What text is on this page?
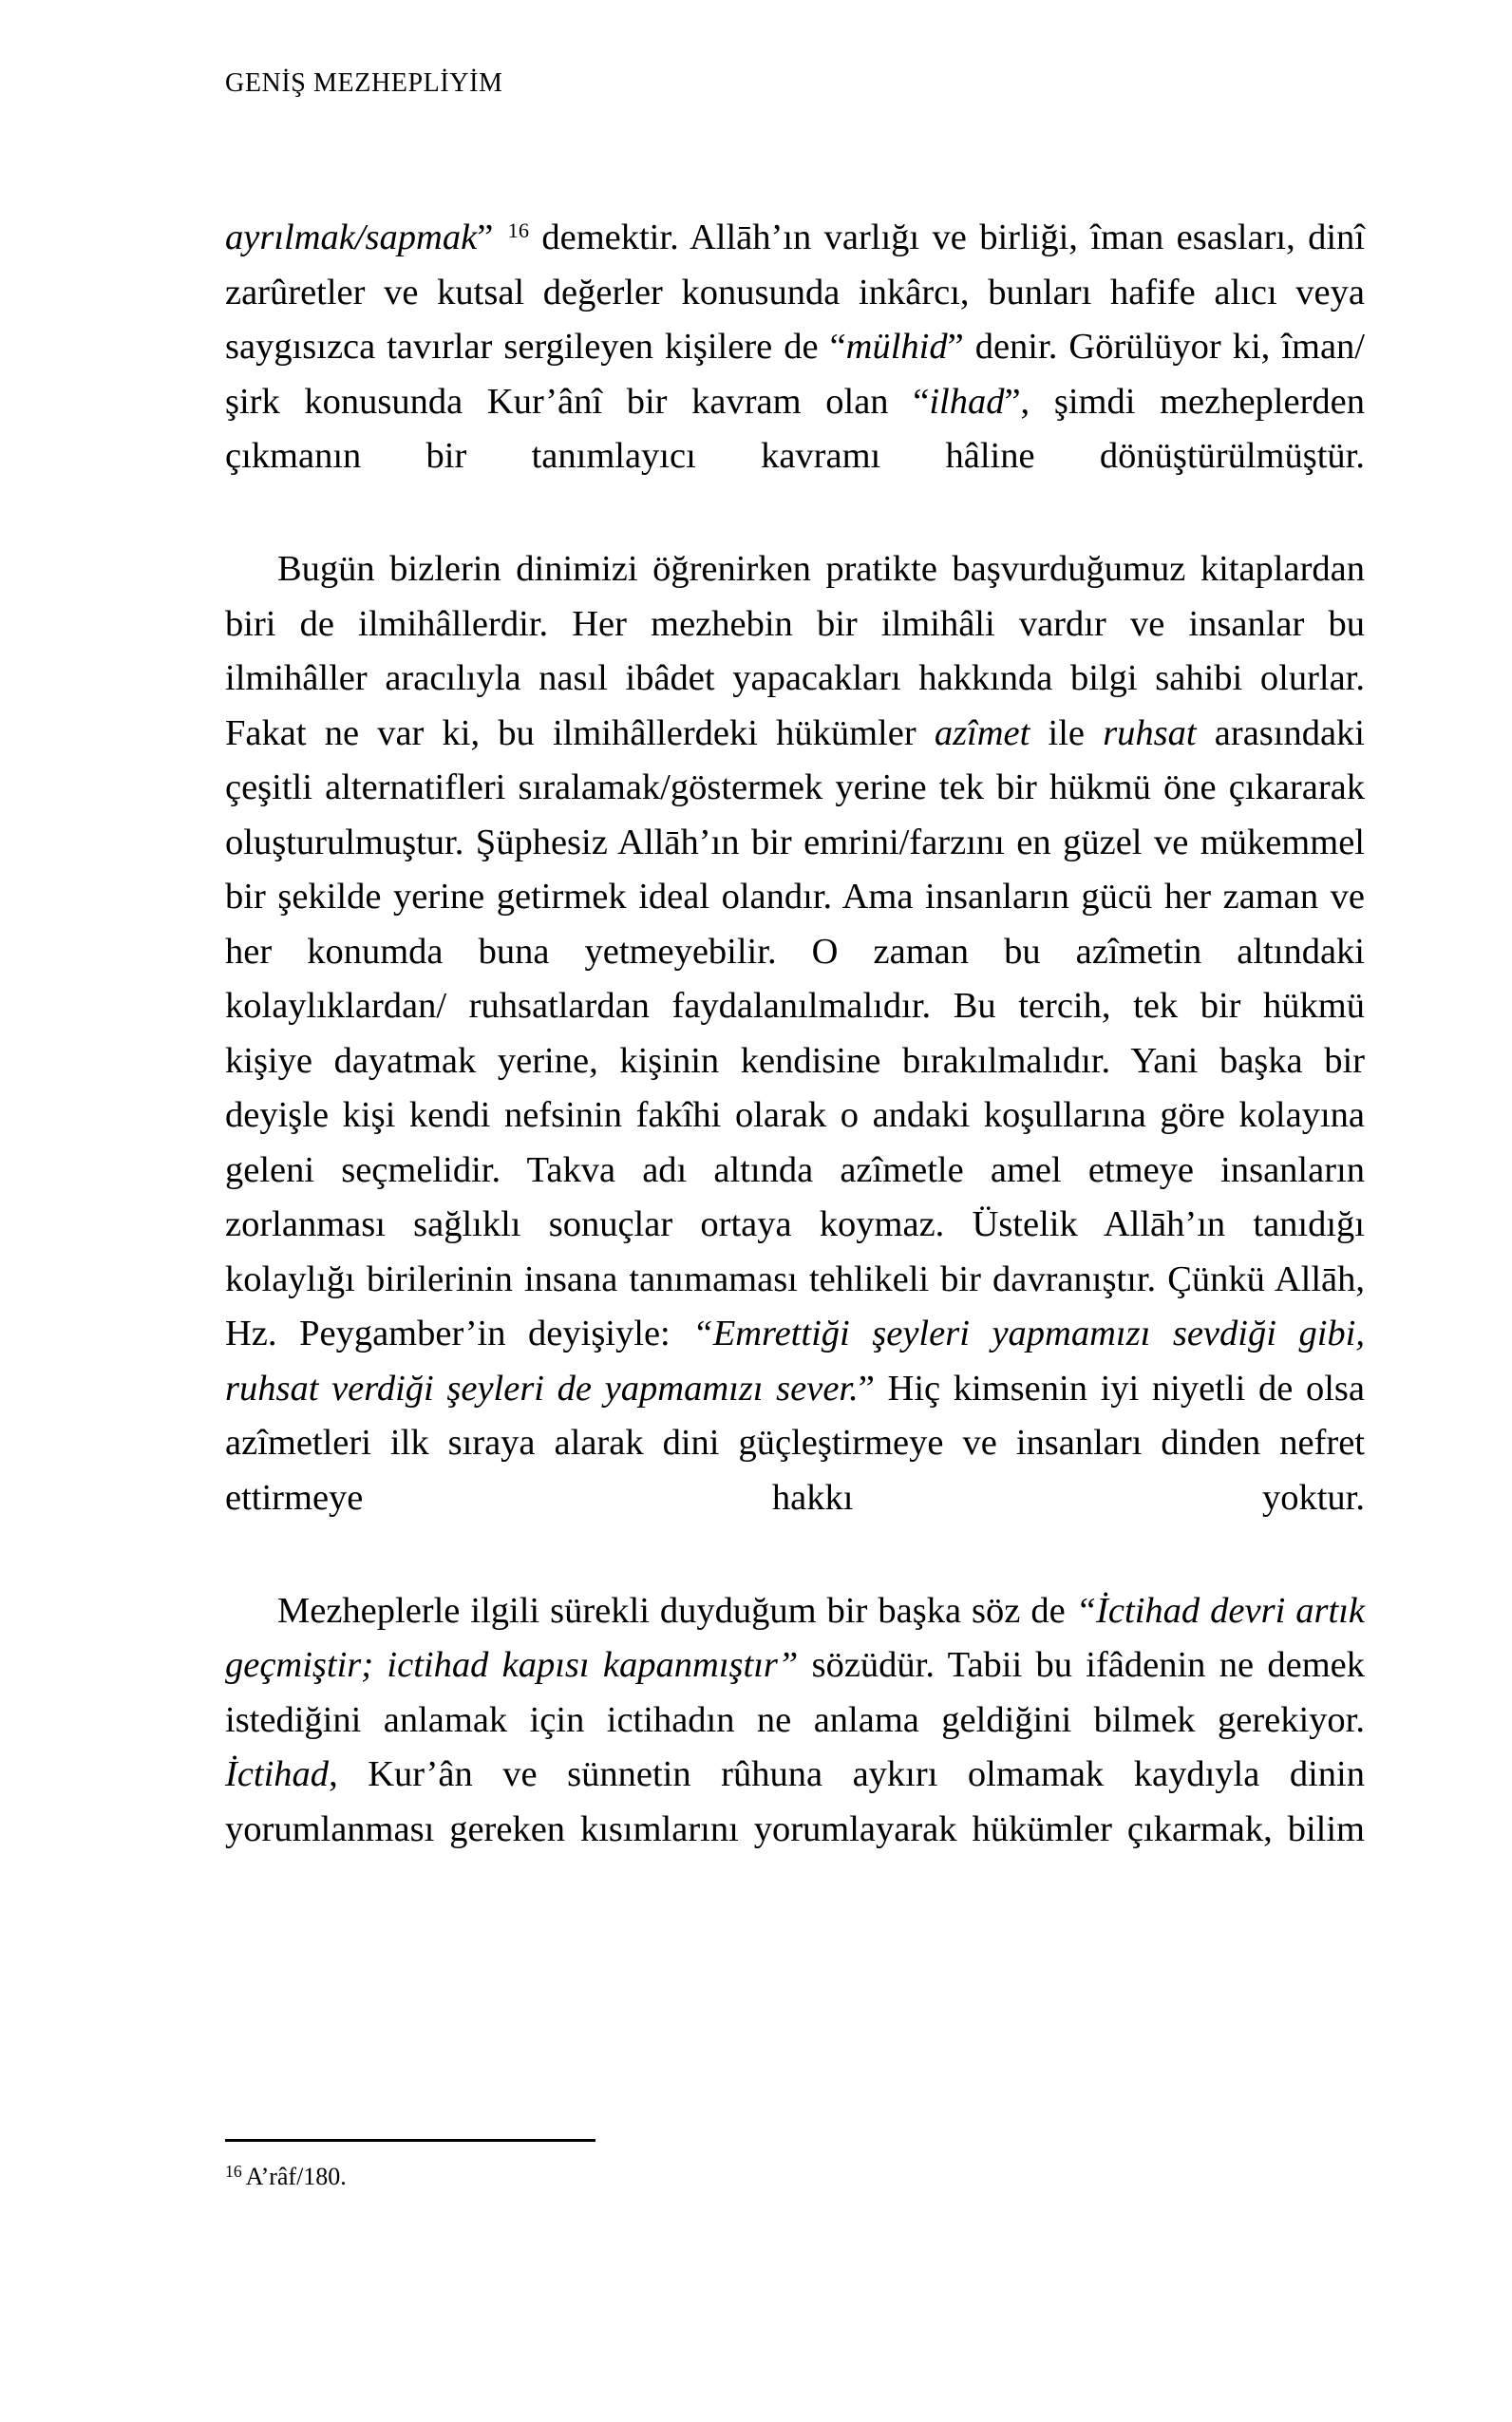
GENİŞ MEZHEPLİYİM

ayrılmak/sapmak” $^{16}$ demektir. Allāh’ın varlığı ve birliği, îman esasları, dinî zarûretler ve kutsal değerler konusunda inkârcı, bunları hafife alıcı veya saygısızca tavırlar sergileyen kişilere de “mülhid” denir. Görülüyor ki, îman/şirk konusunda Kur’ânî bir kavram olan “ilhad”, şimdi mezheplerden çıkmanın bir tanımlayıcı kavramı hâline dönüştürülmüştür.

Bugün bizlerin dinimizi öğrenirken pratikte başvurduğumuz kitaplardan biri de ilmihâllerdir. Her mezhebin bir ilmihâli vardır ve insanlar bu ilmihâller aracılıyla nasıl ibâdet yapacakları hakkında bilgi sahibi olurlar. Fakat ne var ki, bu ilmihâllerdeki hükümler azîmet ile ruhsat arasındaki çeşitli alternatifleri sıralamak/göstermek yerine tek bir hükmü öne çıkararak oluşturulmuştur. Şüphesiz Allāh’ın bir emrini/farzını en güzel ve mükemmel bir şekilde yerine getirmek ideal olandır. Ama insanların gücü her zaman ve her konumda buna yetmeyebilir. O zaman bu azîmetin altındaki kolaylıklardan/ ruhsatlardan faydalanılmalıdır. Bu tercih, tek bir hükmü kişiye dayatmak yerine, kişinin kendisine bırakılmalıdır. Yani başka bir deyişle kişi kendi nefsinin fakîhi olarak o andaki koşullarına göre kolayına geleni seçmelidir. Takva adı altında azîmetle amel etmeye insanların zorlanması sağlıklı sonuçlar ortaya koymaz. Üstelik Allāh’ın tanıdığı kolaylığı birilerinin insana tanımaması tehlikeli bir davranıştır. Çünkü Allāh, Hz. Peygamber’in deyişiyle: “Emrettiği şeyleri yapmamızı sevdiği gibi, ruhsat verdiği şeyleri de yapmamızı sever.” Hiç kimsenin iyi niyetli de olsa azîmetleri ilk sıraya alarak dini güçleştirmeye ve insanları dinden nefret ettirmeye hakkı yoktur.

Mezheplerle ilgili sürekli duyduğum bir başka söz de “İctihad devri artık geçmiştir; ictihad kapısı kapanmıştır” sözüdür. Tabii bu ifâdenin ne demek istediğini anlamak için ictihadın ne anlama geldiğini bilmek gerekiyor. İctihad, Kur’ân ve sünnetin rûhuna aykırı olmamak kaydıyla dinin yorumlanması gereken kısımlarını yorumlayarak hükümler çıkarmak, bilim

$^{16}$ A’râf/180.
